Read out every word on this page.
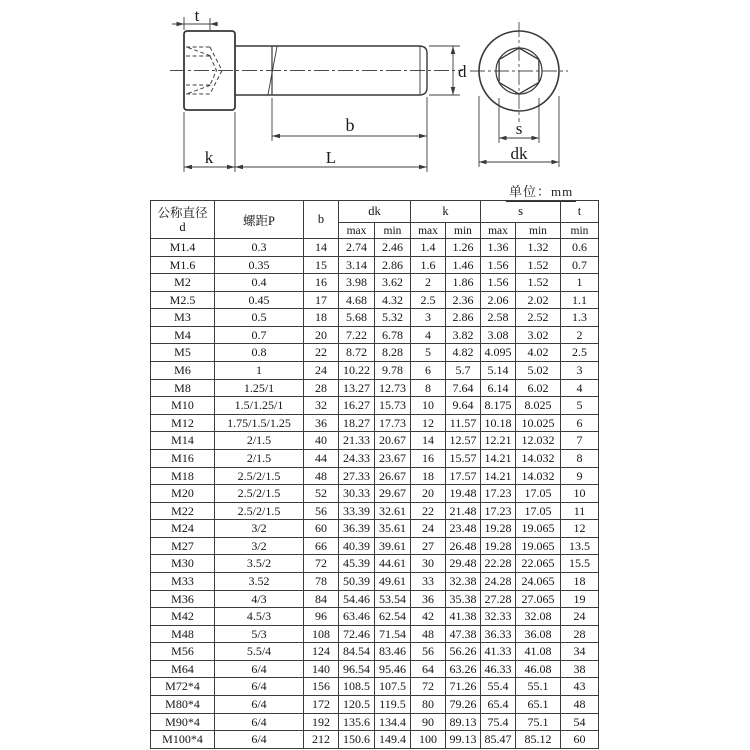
t
k	L
b
d
s
dk
单位：mm
公称直径
d	螺距P	b	dk		k		s		t
			max	min	max	min	max	min	min
M1.4	0.3	14	2.74	2.46	1.4	1.26	1.36	1.32	0.6
M1.6	0.35	15	3.14	2.86	1.6	1.46	1.56	1.52	0.7
M2	0.4	16	3.98	3.62	2	1.86	1.56	1.52	1
M2.5	0.45	17	4.68	4.32	2.5	2.36	2.06	2.02	1.1
M3	0.5	18	5.68	5.32	3	2.86	2.58	2.52	1.3
M4	0.7	20	7.22	6.78	4	3.82	3.08	3.02	2
M5	0.8	22	8.72	8.28	5	4.82	4.095	4.02	2.5
M6	1	24	10.22	9.78	6	5.7	5.14	5.02	3
M8	1.25/1	28	13.27	12.73	8	7.64	6.14	6.02	4
M10	1.5/1.25/1	32	16.27	15.73	10	9.64	8.175	8.025	5
M12	1.75/1.5/1.25	36	18.27	17.73	12	11.57	10.18	10.025	6
M14	2/1.5	40	21.33	20.67	14	12.57	12.21	12.032	7
M16	2/1.5	44	24.33	23.67	16	15.57	14.21	14.032	8
M18	2.5/2/1.5	48	27.33	26.67	18	17.57	14.21	14.032	9
M20	2.5/2/1.5	52	30.33	29.67	20	19.48	17.23	17.05	10
M22	2.5/2/1.5	56	33.39	32.61	22	21.48	17.23	17.05	11
M24	3/2	60	36.39	35.61	24	23.48	19.28	19.065	12
M27	3/2	66	40.39	39.61	27	26.48	19.28	19.065	13.5
M30	3.5/2	72	45.39	44.61	30	29.48	22.28	22.065	15.5
M33	3.52	78	50.39	49.61	33	32.38	24.28	24.065	18
M36	4/3	84	54.46	53.54	36	35.38	27.28	27.065	19
M42	4.5/3	96	63.46	62.54	42	41.38	32.33	32.08	24
M48	5/3	108	72.46	71.54	48	47.38	36.33	36.08	28
M56	5.5/4	124	84.54	83.46	56	56.26	41.33	41.08	34
M64	6/4	140	96.54	95.46	64	63.26	46.33	46.08	38
M72*4	6/4	156	108.5	107.5	72	71.26	55.4	55.1	43
M80*4	6/4	172	120.5	119.5	80	79.26	65.4	65.1	48
M90*4	6/4	192	135.6	134.4	90	89.13	75.4	75.1	54
M100*4	6/4	212	150.6	149.4	100	99.13	85.47	85.12	60
